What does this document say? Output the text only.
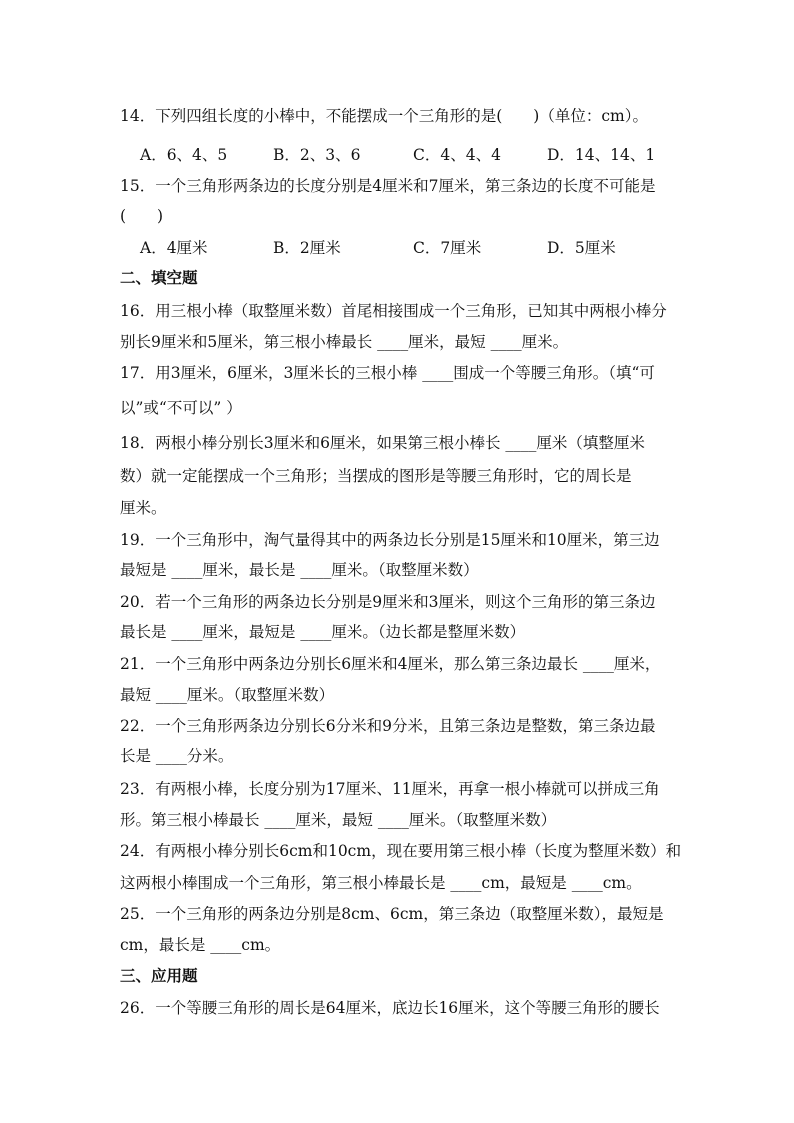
14．下列四组长度的小棒中，不能摆成一个三角形的是(　　)（单位：cm）。
A．6、4、5	B．2、3、6	C．4、4、4	D．14、14、1
15．一个三角形两条边的长度分别是4厘米和7厘米，第三条边的长度不可能是
(　　)
A．4厘米	B．2厘米	C．7厘米	D．5厘米
二、填空题
16．用三根小棒（取整厘米数）首尾相接围成一个三角形，已知其中两根小棒分
别长9厘米和5厘米，第三根小棒最长 ____厘米，最短 ____厘米。
17．用3厘米，6厘米，3厘米长的三根小棒 ____围成一个等腰三角形。（填“可
以”或“不可以” ）
18．两根小棒分别长3厘米和6厘米，如果第三根小棒长 ____厘米（填整厘米
数）就一定能摆成一个三角形；当摆成的图形是等腰三角形时，它的周长是
厘米。
19．一个三角形中，淘气量得其中的两条边长分别是15厘米和10厘米，第三边
最短是 ____厘米，最长是 ____厘米。（取整厘米数）
20．若一个三角形的两条边长分别是9厘米和3厘米，则这个三角形的第三条边
最长是 ____厘米，最短是 ____厘米。（边长都是整厘米数）
21．一个三角形中两条边分别长6厘米和4厘米，那么第三条边最长 ____厘米，
最短 ____厘米。（取整厘米数）
22．一个三角形两条边分别长6分米和9分米，且第三条边是整数，第三条边最
长是 ____分米。
23．有两根小棒，长度分别为17厘米、11厘米，再拿一根小棒就可以拼成三角
形。第三根小棒最长 ____厘米，最短 ____厘米。（取整厘米数）
24．有两根小棒分别长6cm和10cm，现在要用第三根小棒（长度为整厘米数）和
这两根小棒围成一个三角形，第三根小棒最长是 ____cm，最短是 ____cm。
25．一个三角形的两条边分别是8cm、6cm，第三条边（取整厘米数），最短是
cm，最长是 ____cm。
三、应用题
26．一个等腰三角形的周长是64厘米，底边长16厘米，这个等腰三角形的腰长
